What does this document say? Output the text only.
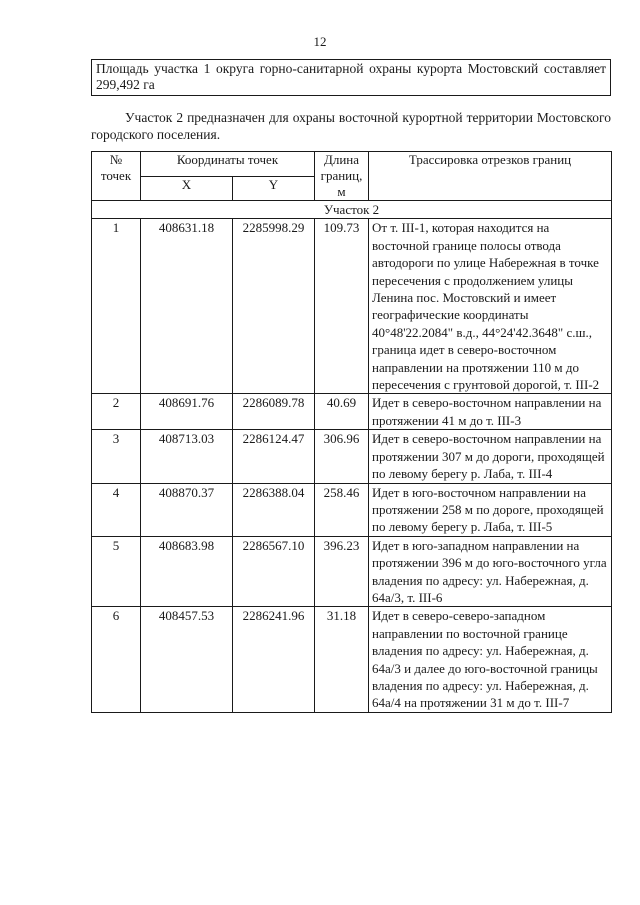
12
Площадь участка 1 округа горно-санитарной охраны курорта Мостовский составляет 299,492 га

Участок 2 предназначен для охраны восточной курортной территории Мостовского городского поселения.

№ точек	Координаты точек		Длина границ, м	Трассировка отрезков границ
	X	Y		
Участок 2				
1	408631.18	2285998.29	109.73	От т. III-1, которая находится на восточной границе полосы отвода автодороги по улице Набережная в точке пересечения с продолжением улицы Ленина пос. Мостовский и имеет географические координаты 40°48'22.2084" в.д., 44°24'42.3648" с.ш., граница идет в северо-восточном направлении на протяжении 110 м до пересечения с грунтовой дорогой, т. III-2
2	408691.76	2286089.78	40.69	Идет в северо-восточном направлении на протяжении 41 м до т. III-3
3	408713.03	2286124.47	306.96	Идет в северо-восточном направлении на протяжении 307 м до дороги, проходящей по левому берегу р. Лаба, т. III-4
4	408870.37	2286388.04	258.46	Идет в юго-восточном направлении на протяжении 258 м по дороге, проходящей по левому берегу р. Лаба, т. III-5
5	408683.98	2286567.10	396.23	Идет в юго-западном направлении на протяжении 396 м до юго-восточного угла владения по адресу: ул. Набережная, д. 64а/3, т. III-6
6	408457.53	2286241.96	31.18	Идет в северо-северо-западном направлении по восточной границе владения по адресу: ул. Набережная, д. 64а/3 и далее до юго-восточной границы владения по адресу: ул. Набережная, д. 64а/4 на протяжении 31 м до т. III-7
